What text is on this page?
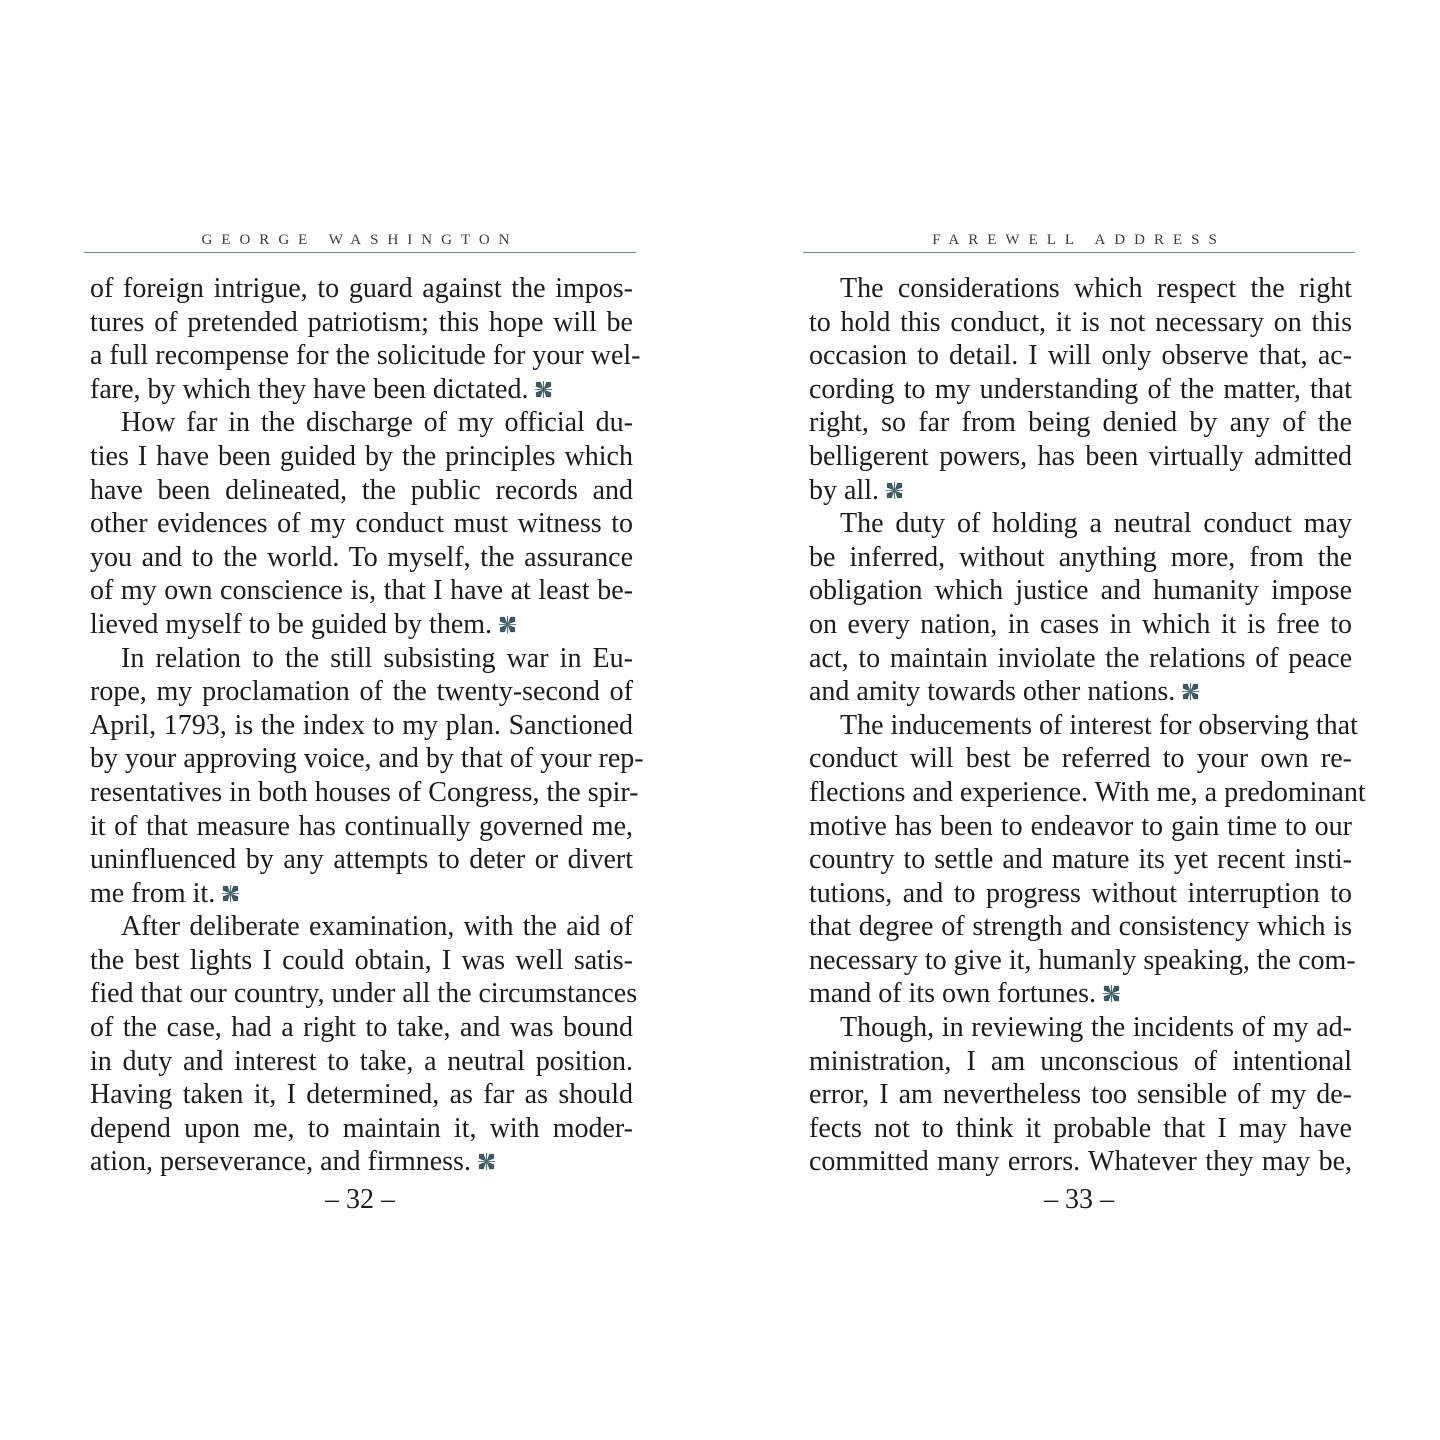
GEORGE WASHINGTON
of foreign intrigue, to guard against the impos-
tures of pretended patriotism; this hope will be
a full recompense for the solicitude for your wel-
fare, by which they have been dictated.
How far in the discharge of my official du-
ties I have been guided by the principles which
have been delineated, the public records and
other evidences of my conduct must witness to
you and to the world. To myself, the assurance
of my own conscience is, that I have at least be-
lieved myself to be guided by them.
In relation to the still subsisting war in Eu-
rope, my proclamation of the twenty-second of
April, 1793, is the index to my plan. Sanctioned
by your approving voice, and by that of your rep-
resentatives in both houses of Congress, the spir-
it of that measure has continually governed me,
uninfluenced by any attempts to deter or divert
me from it.
After deliberate examination, with the aid of
the best lights I could obtain, I was well satis-
fied that our country, under all the circumstances
of the case, had a right to take, and was bound
in duty and interest to take, a neutral position.
Having taken it, I determined, as far as should
depend upon me, to maintain it, with moder-
ation, perseverance, and firmness.
– 32 –
FAREWELL ADDRESS
The considerations which respect the right
to hold this conduct, it is not necessary on this
occasion to detail. I will only observe that, ac-
cording to my understanding of the matter, that
right, so far from being denied by any of the
belligerent powers, has been virtually admitted
by all.
The duty of holding a neutral conduct may
be inferred, without anything more, from the
obligation which justice and humanity impose
on every nation, in cases in which it is free to
act, to maintain inviolate the relations of peace
and amity towards other nations.
The inducements of interest for observing that
conduct will best be referred to your own re-
flections and experience. With me, a predominant
motive has been to endeavor to gain time to our
country to settle and mature its yet recent insti-
tutions, and to progress without interruption to
that degree of strength and consistency which is
necessary to give it, humanly speaking, the com-
mand of its own fortunes.
Though, in reviewing the incidents of my ad-
ministration, I am unconscious of intentional
error, I am nevertheless too sensible of my de-
fects not to think it probable that I may have
committed many errors. Whatever they may be,
– 33 –
